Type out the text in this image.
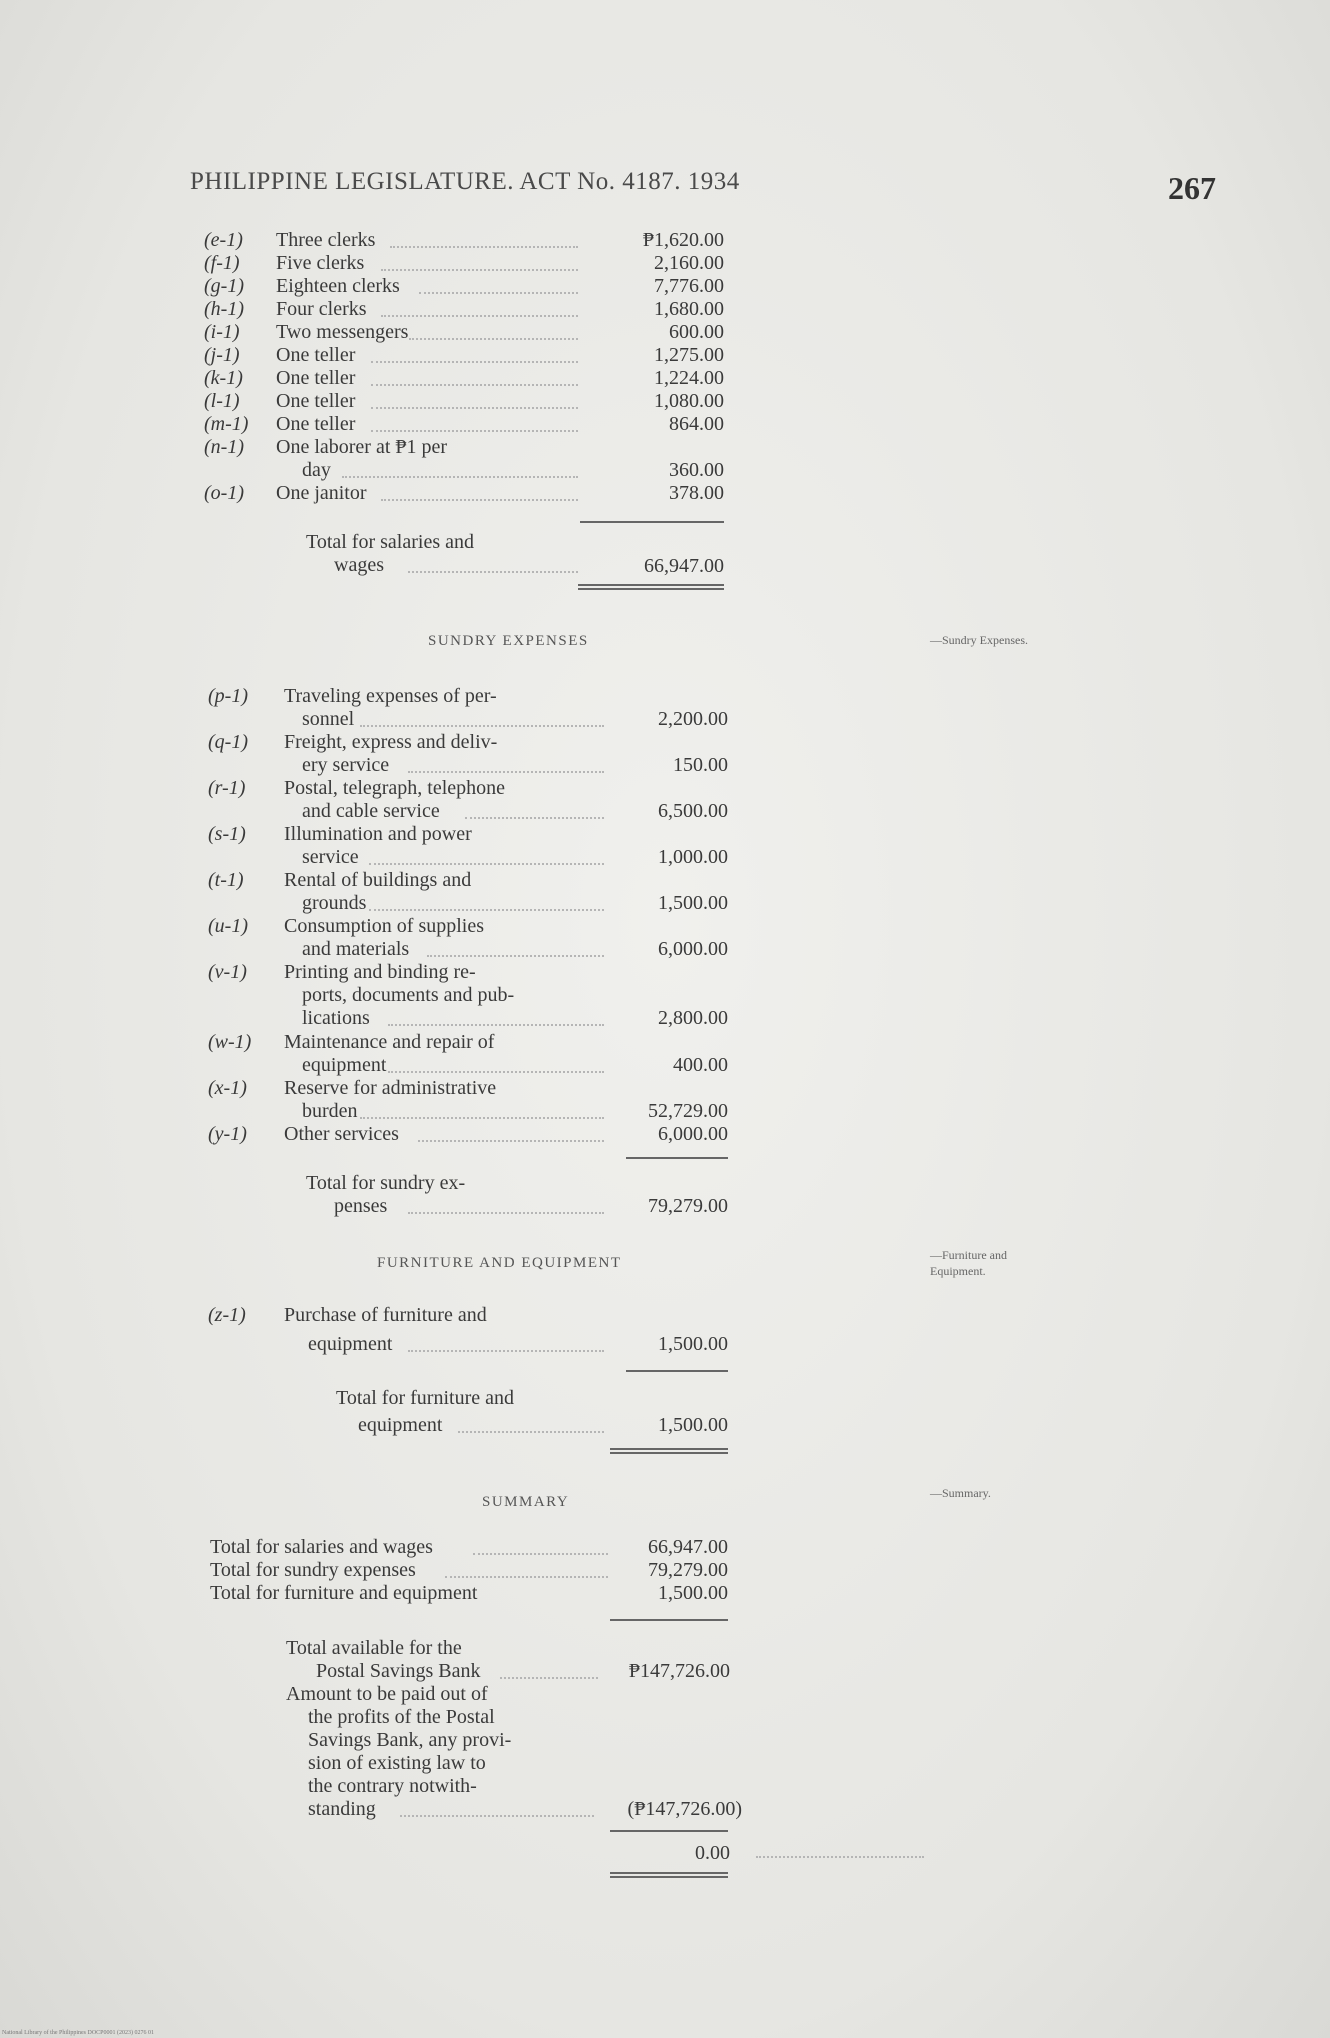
PHILIPPINE LEGISLATURE. ACT No. 4187. 1934	267
(e-1) Three clerks	₱1,620.00
(f-1) Five clerks	2,160.00
(g-1) Eighteen clerks	7,776.00
(h-1) Four clerks	1,680.00
(i-1) Two messengers	600.00
(j-1) One teller	1,275.00
(k-1) One teller	1,224.00
(l-1) One teller	1,080.00
(m-1) One teller	864.00
(n-1) One laborer at ₱1 per
day	360.00
(o-1) One janitor	378.00
Total for salaries and
wages	66,947.00
SUNDRY EXPENSES	—Sundry Expenses.
(p-1) Traveling expenses of per-
sonnel	2,200.00
(q-1) Freight, express and deliv-
ery service	150.00
(r-1) Postal, telegraph, telephone
and cable service	6,500.00
(s-1) Illumination and power
service	1,000.00
(t-1) Rental of buildings and
grounds	1,500.00
(u-1) Consumption of supplies
and materials	6,000.00
(v-1) Printing and binding re-
ports, documents and pub-
lications	2,800.00
(w-1) Maintenance and repair of
equipment	400.00
(x-1) Reserve for administrative
burden	52,729.00
(y-1) Other services	6,000.00
Total for sundry ex-
penses	79,279.00
FURNITURE AND EQUIPMENT	—Furniture and
Equipment.
(z-1) Purchase of furniture and
equipment	1,500.00
Total for furniture and
equipment	1,500.00
SUMMARY
—Summary.
Total for salaries and wages	66,947.00
Total for sundry expenses	79,279.00
Total for furniture and equipment	1,500.00
Total available for the
Postal Savings Bank	₱147,726.00
Amount to be paid out of
the profits of the Postal
Savings Bank, any provi-
sion of existing law to
the contrary notwith-
standing	(₱147,726.00)
0.00
National Library of the Philippines DOCP0001 (2023) 0276 01
